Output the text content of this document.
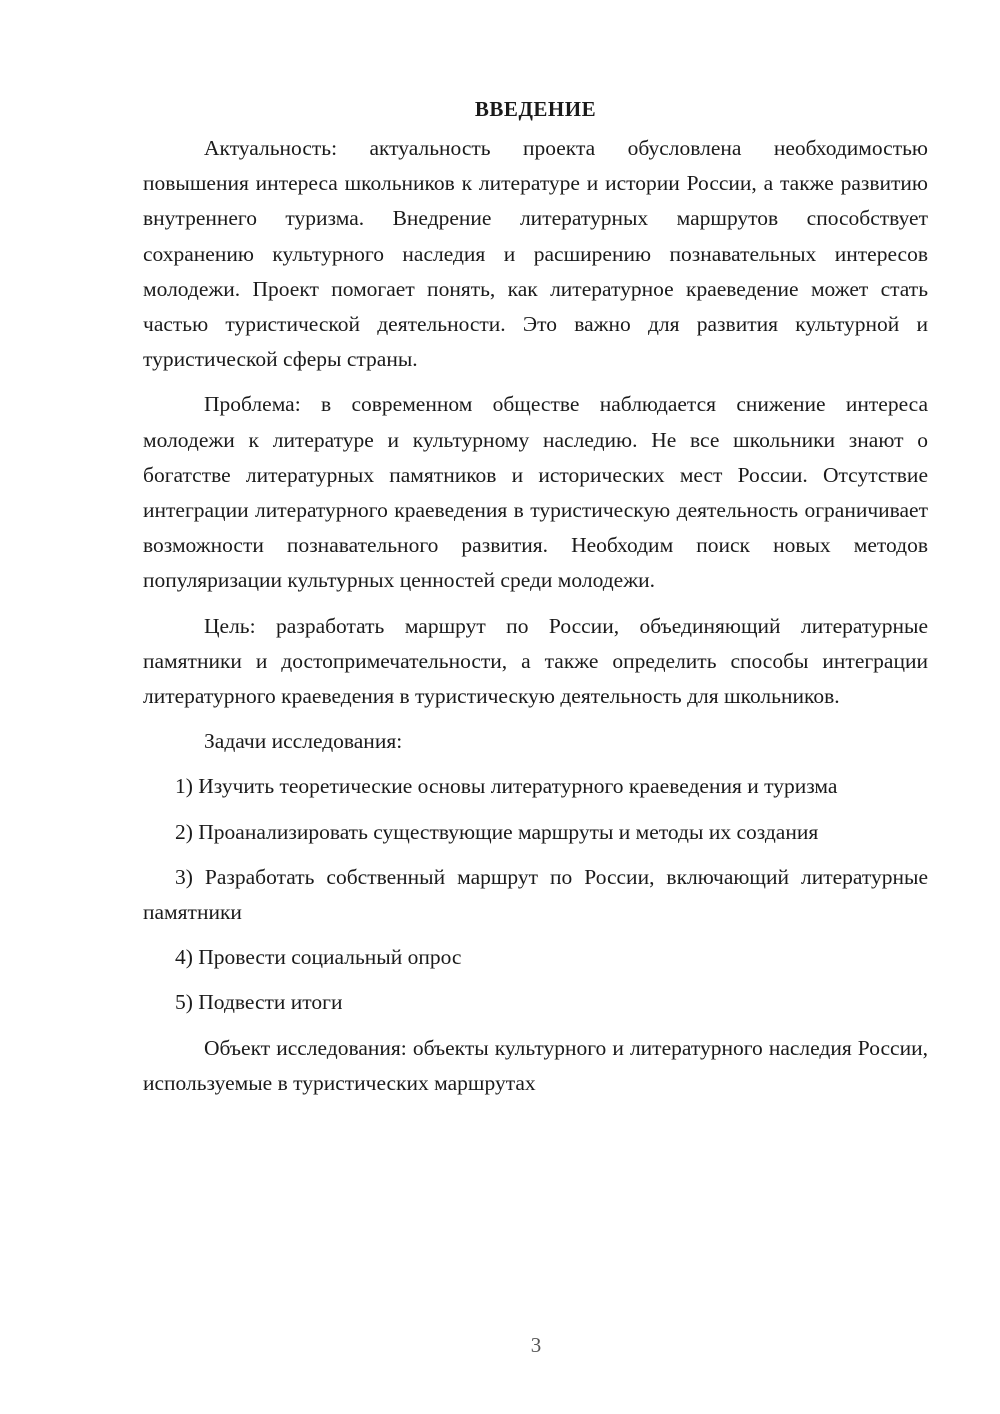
ВВЕДЕНИЕ

Актуальность: актуальность проекта обусловлена необходимостью повышения интереса школьников к литературе и истории России, а также развитию внутреннего туризма. Внедрение литературных маршрутов способствует сохранению культурного наследия и расширению познавательных интересов молодежи. Проект помогает понять, как литературное краеведение может стать частью туристической деятельности. Это важно для развития культурной и туристической сферы страны.

Проблема: в современном обществе наблюдается снижение интереса молодежи к литературе и культурному наследию. Не все школьники знают о богатстве литературных памятников и исторических мест России. Отсутствие интеграции литературного краеведения в туристическую деятельность ограничивает возможности познавательного развития. Необходим поиск новых методов популяризации культурных ценностей среди молодежи.

Цель: разработать маршрут по России, объединяющий литературные памятники и достопримечательности, а также определить способы интеграции литературного краеведения в туристическую деятельность для школьников.

Задачи исследования:

1) Изучить теоретические основы литературного краеведения и туризма

2) Проанализировать существующие маршруты и методы их создания

3) Разработать собственный маршрут по России, включающий литературные памятники

4) Провести социальный опрос

5) Подвести итоги

Объект исследования: объекты культурного и литературного наследия России, используемые в туристических маршрутах

3
